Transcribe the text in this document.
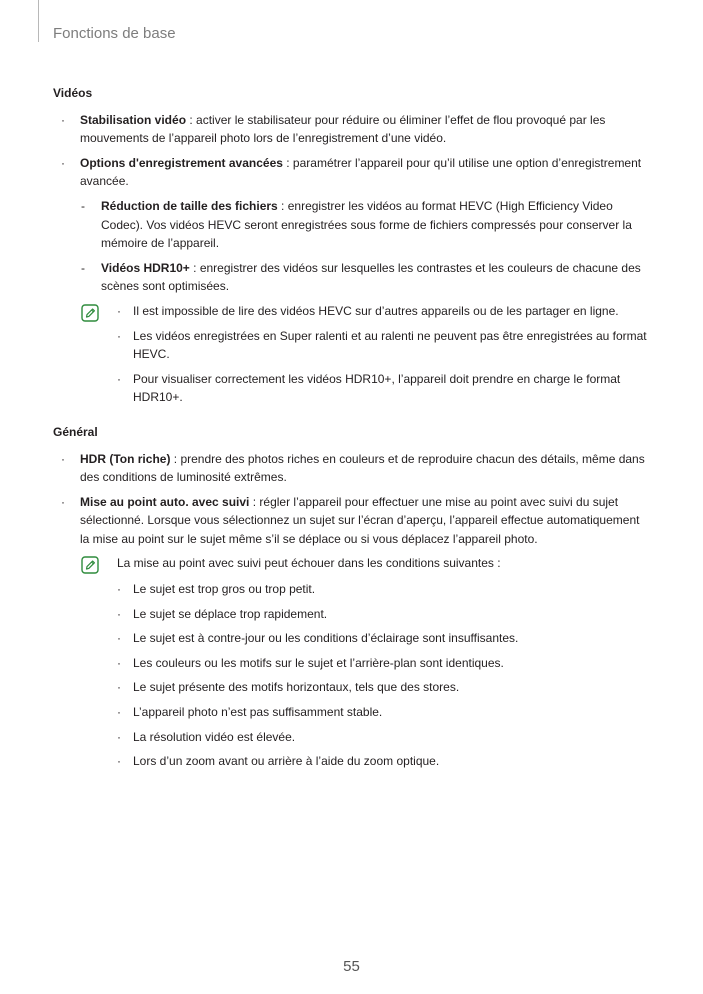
Fonctions de base
Vidéos
· Stabilisation vidéo : activer le stabilisateur pour réduire ou éliminer l’effet de flou provoqué par les mouvements de l’appareil photo lors de l’enregistrement d’une vidéo.
· Options d'enregistrement avancées : paramétrer l’appareil pour qu’il utilise une option d’enregistrement avancée.
- Réduction de taille des fichiers : enregistrer les vidéos au format HEVC (High Efficiency Video Codec). Vos vidéos HEVC seront enregistrées sous forme de fichiers compressés pour conserver la mémoire de l’appareil.
- Vidéos HDR10+ : enregistrer des vidéos sur lesquelles les contrastes et les couleurs de chacune des scènes sont optimisées.
· Il est impossible de lire des vidéos HEVC sur d’autres appareils ou de les partager en ligne.
· Les vidéos enregistrées en Super ralenti et au ralenti ne peuvent pas être enregistrées au format HEVC.
· Pour visualiser correctement les vidéos HDR10+, l’appareil doit prendre en charge le format HDR10+.
Général
· HDR (Ton riche) : prendre des photos riches en couleurs et de reproduire chacun des détails, même dans des conditions de luminosité extrêmes.
· Mise au point auto. avec suivi : régler l’appareil pour effectuer une mise au point avec suivi du sujet sélectionné. Lorsque vous sélectionnez un sujet sur l’écran d’aperçu, l’appareil effectue automatiquement la mise au point sur le sujet même s’il se déplace ou si vous déplacez l’appareil photo.
La mise au point avec suivi peut échouer dans les conditions suivantes :
· Le sujet est trop gros ou trop petit.
· Le sujet se déplace trop rapidement.
· Le sujet est à contre-jour ou les conditions d’éclairage sont insuffisantes.
· Les couleurs ou les motifs sur le sujet et l’arrière-plan sont identiques.
· Le sujet présente des motifs horizontaux, tels que des stores.
· L’appareil photo n’est pas suffisamment stable.
· La résolution vidéo est élevée.
· Lors d’un zoom avant ou arrière à l’aide du zoom optique.
55
